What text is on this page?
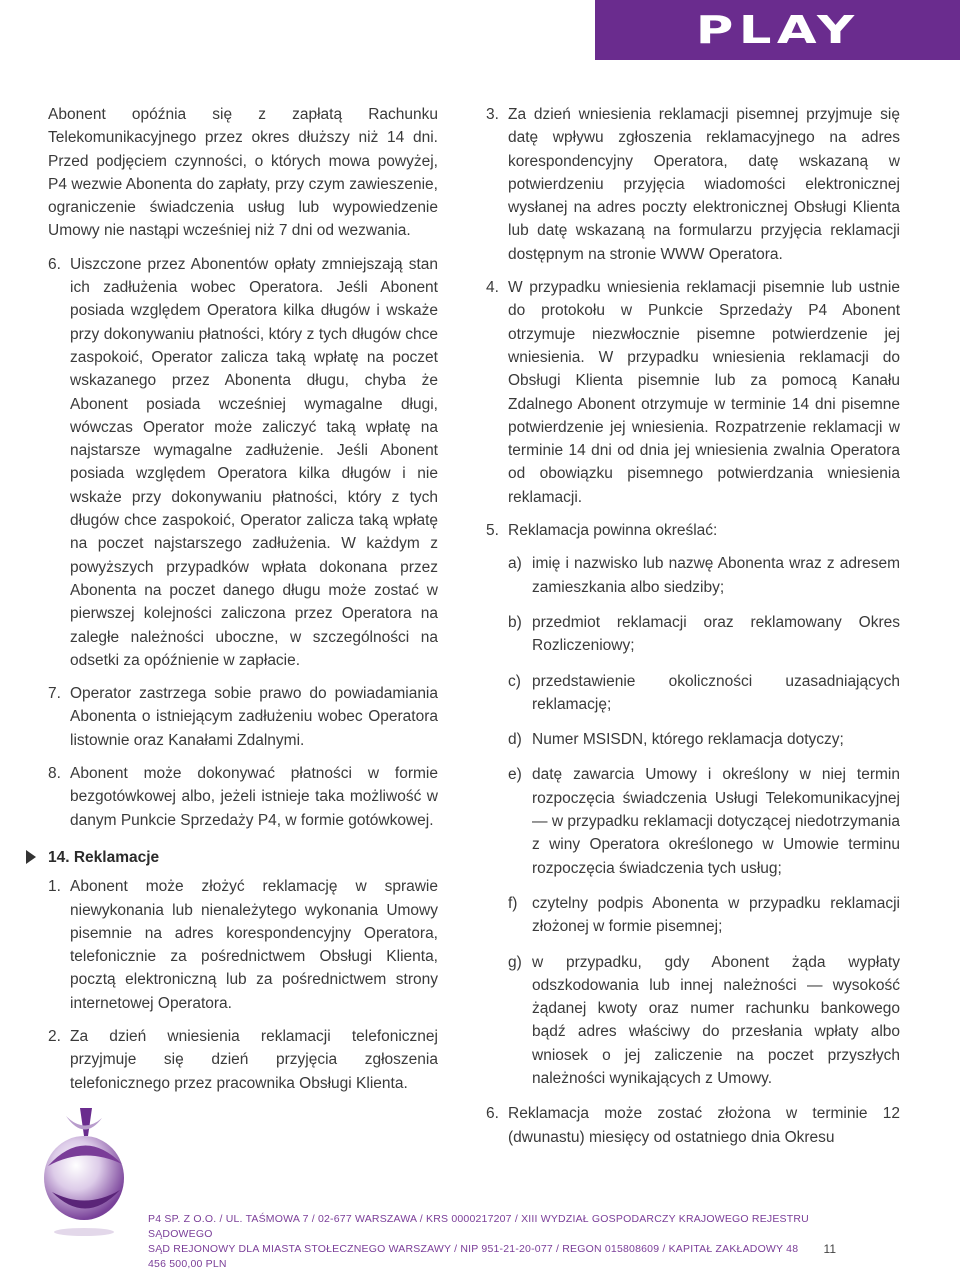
PLAY

Abonent opóźnia się z zapłatą Rachunku Telekomunikacyjnego przez okres dłuższy niż 14 dni. Przed podjęciem czynności, o których mowa powyżej, P4 wezwie Abonenta do zapłaty, przy czym zawieszenie, ograniczenie świadczenia usług lub wypowiedzenie Umowy nie nastąpi wcześniej niż 7 dni od wezwania.

6. Uiszczone przez Abonentów opłaty zmniejszają stan ich zadłużenia wobec Operatora. Jeśli Abonent posiada względem Operatora kilka długów i wskaże przy dokonywaniu płatności, który z tych długów chce zaspokoić, Operator zalicza taką wpłatę na poczet wskazanego przez Abonenta długu, chyba że Abonent posiada wcześniej wymagalne długi, wówczas Operator może zaliczyć taką wpłatę na najstarsze wymagalne zadłużenie. Jeśli Abonent posiada względem Operatora kilka długów i nie wskaże przy dokonywaniu płatności, który z tych długów chce zaspokoić, Operator zalicza taką wpłatę na poczet najstarszego zadłużenia. W każdym z powyższych przypadków wpłata dokonana przez Abonenta na poczet danego długu może zostać w pierwszej kolejności zaliczona przez Operatora na zaległe należności uboczne, w szczególności na odsetki za opóźnienie w zapłacie.
7. Operator zastrzega sobie prawo do powiadamiania Abonenta o istniejącym zadłużeniu wobec Operatora listownie oraz Kanałami Zdalnymi.
8. Abonent może dokonywać płatności w formie bezgotówkowej albo, jeżeli istnieje taka możliwość w danym Punkcie Sprzedaży P4, w formie gotówkowej.
14. Reklamacje
1. Abonent może złożyć reklamację w sprawie niewykonania lub nienależytego wykonania Umowy pisemnie na adres korespondencyjny Operatora, telefonicznie za pośrednictwem Obsługi Klienta, pocztą elektroniczną lub za pośrednictwem strony internetowej Operatora.
2. Za dzień wniesienia reklamacji telefonicznej przyjmuje się dzień przyjęcia zgłoszenia telefonicznego przez pracownika Obsługi Klienta.
3. Za dzień wniesienia reklamacji pisemnej przyjmuje się datę wpływu zgłoszenia reklamacyjnego na adres korespondencyjny Operatora, datę wskazaną w potwierdzeniu przyjęcia wiadomości elektronicznej wysłanej na adres poczty elektronicznej Obsługi Klienta lub datę wskazaną na formularzu przyjęcia reklamacji dostępnym na stronie WWW Operatora.
4. W przypadku wniesienia reklamacji pisemnie lub ustnie do protokołu w Punkcie Sprzedaży P4 Abonent otrzymuje niezwłocznie pisemne potwierdzenie jej wniesienia. W przypadku wniesienia reklamacji do Obsługi Klienta pisemnie lub za pomocą Kanału Zdalnego Abonent otrzymuje w terminie 14 dni pisemne potwierdzenie jej wniesienia. Rozpatrzenie reklamacji w terminie 14 dni od dnia jej wniesienia zwalnia Operatora od obowiązku pisemnego potwierdzania wniesienia reklamacji.
5. Reklamacja powinna określać:
a) imię i nazwisko lub nazwę Abonenta wraz z adresem zamieszkania albo siedziby;
b) przedmiot reklamacji oraz reklamowany Okres Rozliczeniowy;
c) przedstawienie okoliczności uzasadniających reklamację;
d) Numer MSISDN, którego reklamacja dotyczy;
e) datę zawarcia Umowy i określony w niej termin rozpoczęcia świadczenia Usługi Telekomunikacyjnej — w przypadku reklamacji dotyczącej niedotrzymania z winy Operatora określonego w Umowie terminu rozpoczęcia świadczenia tych usług;
f) czytelny podpis Abonenta w przypadku reklamacji złożonej w formie pisemnej;
g) w przypadku, gdy Abonent żąda wypłaty odszkodowania lub innej należności — wysokość żądanej kwoty oraz numer rachunku bankowego bądź adres właściwy do przesłania wpłaty albo wniosek o jej zaliczenie na poczet przyszłych należności wynikających z Umowy.
6. Reklamacja może zostać złożona w terminie 12 (dwunastu) miesięcy od ostatniego dnia Okresu
P4 SP. Z O.O. / UL. TAŚMOWA 7 / 02-677 WARSZAWA / KRS 0000217207 / XIII WYDZIAŁ GOSPODARCZY KRAJOWEGO REJESTRU SĄDOWEGO
SĄD REJONOWY DLA MIASTA STOŁECZNEGO WARSZAWY / NIP 951-21-20-077 / REGON 015808609 / KAPITAŁ ZAKŁADOWY 48 456 500,00 PLN
11
